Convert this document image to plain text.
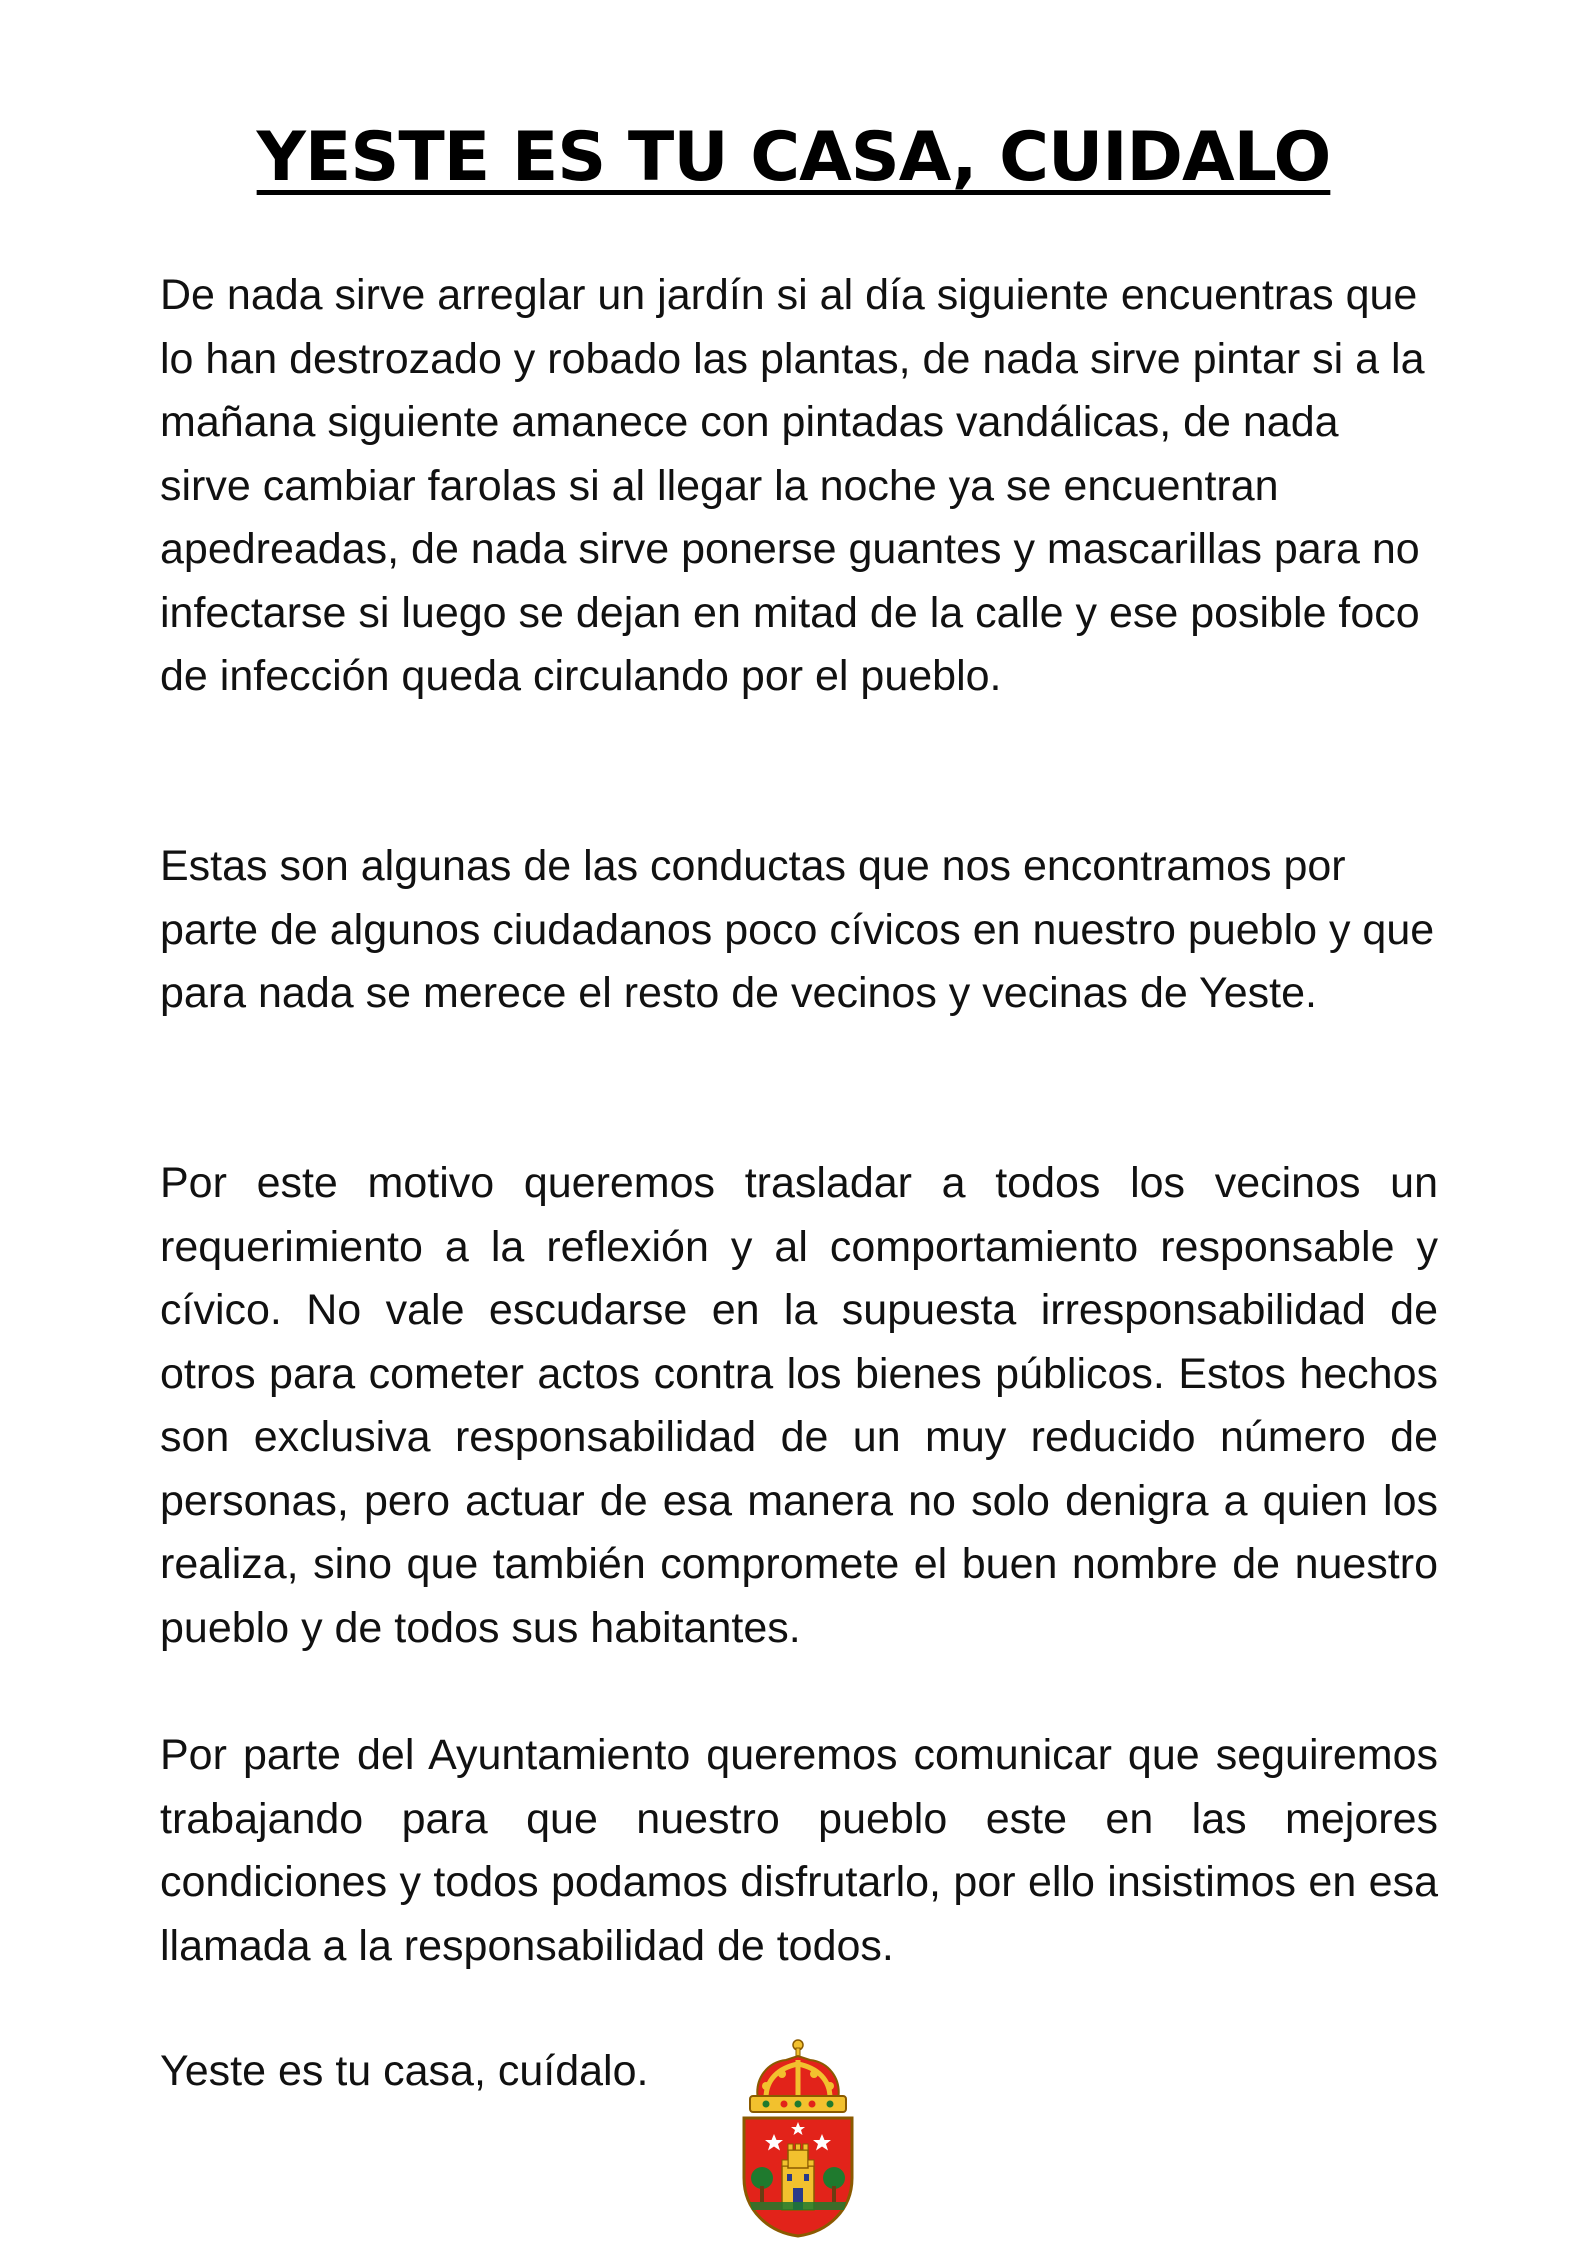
YESTE ES TU CASA, CUIDALO

De nada sirve arreglar un jardín si al día siguiente encuentras que lo han destrozado y robado las plantas, de nada sirve pintar si a la mañana siguiente amanece con pintadas vandálicas, de nada sirve cambiar farolas si al llegar la noche ya se encuentran apedreadas, de nada sirve ponerse guantes y mascarillas para no infectarse si luego se dejan en mitad de la calle y ese posible foco de infección queda circulando por el pueblo.

Estas son algunas de las conductas que nos encontramos por parte de algunos ciudadanos poco cívicos en nuestro pueblo y que para nada se merece el resto de vecinos y vecinas de Yeste.

Por este motivo queremos trasladar a todos los vecinos un requerimiento a la reflexión y al comportamiento responsable y cívico. No vale escudarse en la supuesta irresponsabilidad de otros para cometer actos contra los bienes públicos. Estos hechos son exclusiva responsabilidad de un muy reducido número de personas, pero actuar de esa manera no solo denigra a quien los realiza, sino que también compromete el buen nombre de nuestro pueblo y de todos sus habitantes.

Por parte del Ayuntamiento queremos comunicar que seguiremos trabajando para que nuestro pueblo este en las mejores condiciones y todos podamos disfrutarlo, por ello insistimos en esa llamada a la responsabilidad de todos.

Yeste es tu casa, cuídalo.
